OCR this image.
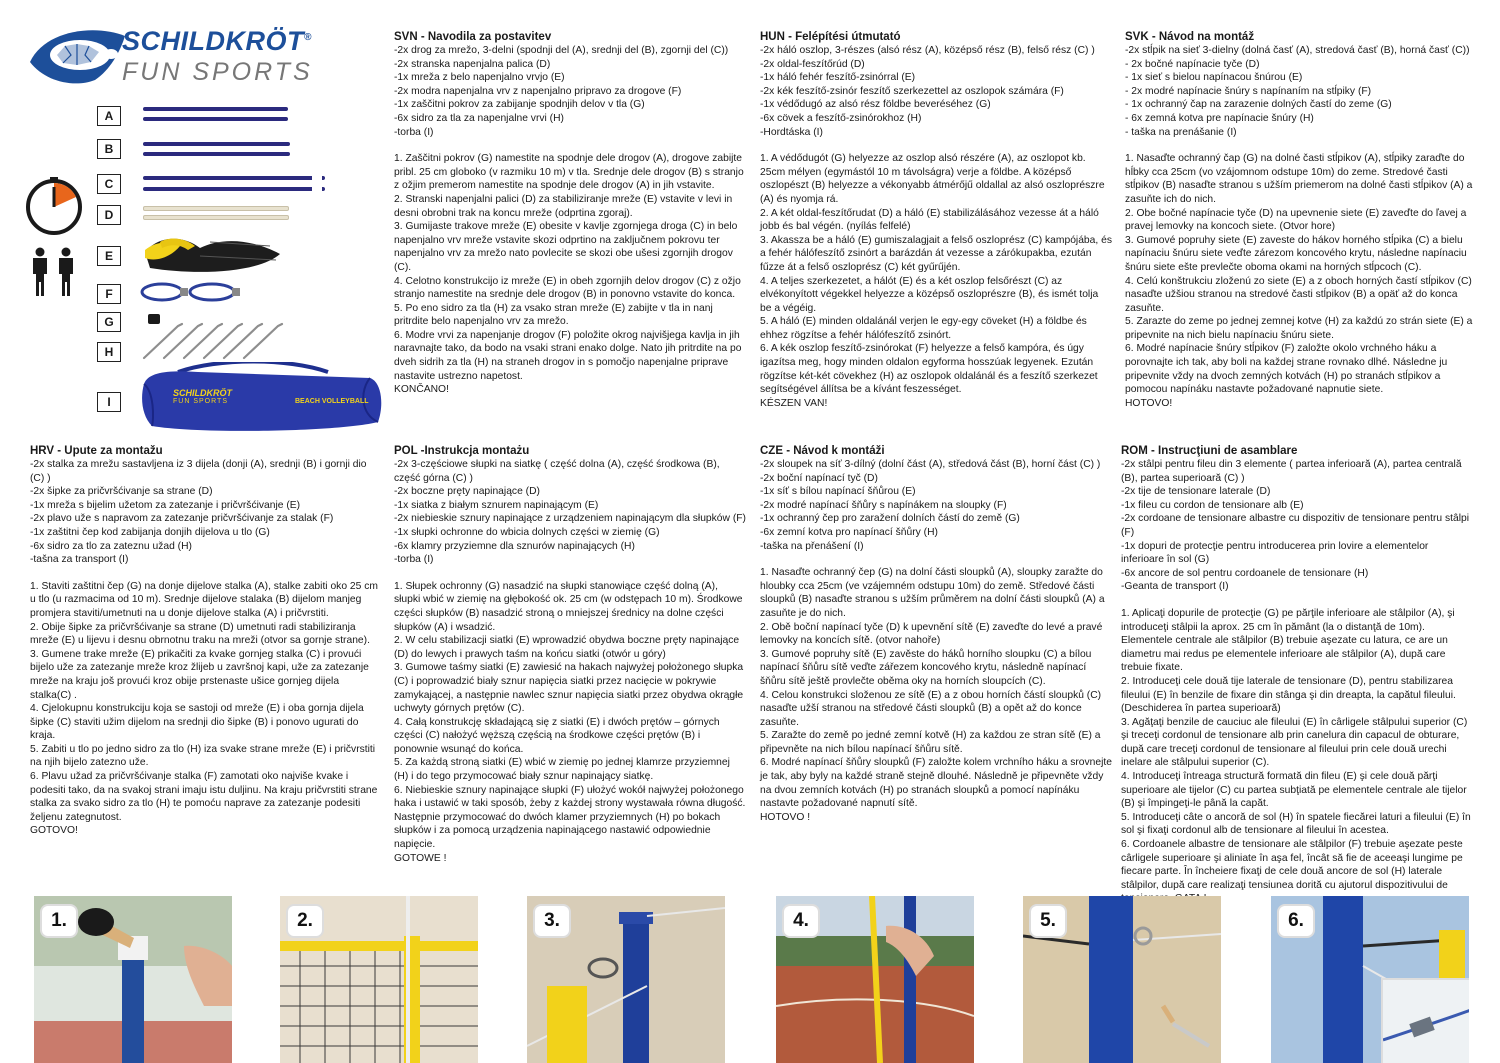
SCHILDKRÖT®
FUN SPORTS
A
B
C
D
E
F
G
H
I
SCHILDKRÖT
FUN SPORTS	BEACH VOLLEYBALL
SVN - Navodila za postavitev

-2x drog za mrežo, 3-delni (spodnji del (A), srednji del (B), zgornji del (C))
-2x stranska napenjalna palica (D)
-1x mreža z belo napenjalno vrvjo (E)
-2x modra napenjalna vrv z napenjalno pripravo za drogove (F)
-1x zaščitni pokrov za zabijanje spodnjih delov v tla (G)
-6x sidro za tla za napenjalne vrvi (H)
-torba (I)

1. Zaščitni pokrov (G) namestite na spodnje dele drogov (A), drogove zabijte pribl. 25 cm globoko (v razmiku 10 m) v tla. Srednje dele drogov (B) s stranjo z ožjim premerom namestite na spodnje dele drogov (A) in jih vstavite.
2. Stranski napenjalni palici (D) za stabiliziranje mreže (E) vstavite v levi in desni obrobni trak na koncu mreže (odprtina zgoraj).
3. Gumijaste trakove mreže (E) obesite v kavlje zgornjega droga (C) in belo napenjalno vrv mreže vstavite skozi odprtino na zaključnem pokrovu ter napenjalno vrv za mrežo nato povlecite se skozi obe ušesi zgornjih drogov (C).
4. Celotno konstrukcijo iz mreže (E) in obeh zgornjih delov drogov (C) z ožjo stranjo namestite na srednje dele drogov (B) in ponovno vstavite do konca.
5. Po eno sidro za tla (H) za vsako stran mreže (E) zabijte v tla in nanj pritrdite belo napenjalno vrv za mrežo.
6. Modre vrvi za napenjanje drogov (F) položite okrog najvišjega kavlja in jih naravnajte tako, da bodo na vsaki strani enako dolge. Nato jih pritrdite na po dveh sidrih za tla (H) na straneh drogov in s pomočjo napenjalne priprave nastavite ustrezno napetost.
KONČANO!

HUN - Felépítési útmutató

-2x háló oszlop, 3-részes (alsó rész (A), középső rész (B), felső rész (C) )
-2x oldal-feszítőrúd (D)
-1x háló fehér feszítő-zsinórral (E)
-2x kék feszítő-zsinór feszítő szerkezettel az oszlopok számára (F)
-1x védődugó az alsó rész földbe beveréséhez (G)
-6x cövek a feszítő-zsinórokhoz (H)
-Hordtáska (I)

1. A védődugót (G) helyezze az oszlop alsó részére (A), az oszlopot kb. 25cm mélyen (egymástól 10 m távolságra) verje a földbe. A középső oszlopészt (B) helyezze a vékonyabb átmérőjű oldallal az alsó oszloprészre (A) és nyomja rá.
2. A két oldal-feszítőrudat (D) a háló (E) stabilizálásához vezesse át a háló jobb és bal végén. (nyílás felfelé)
3. Akassza be a háló (E) gumiszalagjait a felső oszloprész (C) kampójába, és a fehér hálófeszítő zsinórt a barázdán át vezesse a zárókupakba, ezután fűzze át a felső oszloprész (C) két gyűrűjén.
4. A teljes szerkezetet, a hálót (E) és a két oszlop felsőrészt (C) az elvékonyított végekkel helyezze a középső oszloprészre (B), és ismét tolja be a végéig.
5. A háló (E) minden oldalánál verjen le egy-egy cöveket (H) a földbe és ehhez rögzítse a fehér hálófeszítő zsinórt.
6. A kék oszlop feszítő-zsinórokat (F) helyezze a felső kampóra, és úgy igazítsa meg, hogy minden oldalon egyforma hosszúak legyenek. Ezután rögzítse két-két cövekhez (H) az oszlopok oldalánál és a feszítő szerkezet segítségével állítsa be a kívánt feszességet.
KÉSZEN VAN!

SVK - Návod na montáž

-2x stĺpik na sieť 3-dielny (dolná časť (A), stredová časť (B), horná časť (C))
- 2x bočné napínacie tyče (D)
- 1x sieť s bielou napínacou šnúrou (E)
- 2x modré napínacie šnúry s napínaním na stĺpiky (F)
- 1x ochranný čap na zarazenie dolných častí do zeme (G)
- 6x zemná kotva pre napínacie šnúry (H)
- taška na prenášanie (I)

1. Nasaďte ochranný čap (G) na dolné časti stĺpikov (A), stĺpiky zaraďte do hĺbky cca 25cm (vo vzájomnom odstupe 10m) do zeme. Stredové časti stĺpikov (B) nasaďte stranou s užším priemerom na dolné časti stĺpikov (A) a zasuňte ich do nich.
2. Obe bočné napínacie tyče (D) na upevnenie siete (E) zaveďte do ľavej a pravej lemovky na koncoch siete. (Otvor hore)
3. Gumové popruhy siete (E) zaveste do hákov horného stĺpika (C) a bielu napínaciu šnúru siete veďte zárezom koncového krytu, následne napínaciu šnúru siete ešte prevlečte oboma okami na horných stĺpcoch (C).
4. Celú konštrukciu zloženú zo siete (E) a z oboch horných častí stĺpikov (C) nasaďte užšiou stranou na stredové časti stĺpikov (B) a opäť až do konca zasuňte.
5. Zarazte do zeme po jednej zemnej kotve (H) za každú zo strán siete (E) a pripevnite na nich bielu napínaciu šnúru siete.
6. Modré napínacie šnúry stĺpikov (F) založte okolo vrchného háku a porovnajte ich tak, aby boli na každej strane rovnako dlhé. Následne ju pripevnite vždy na dvoch zemných kotvách (H) po stranách stĺpikov a pomocou napínáku nastavte požadované napnutie siete.
HOTOVO!

HRV - Upute za montažu

-2x stalka za mrežu sastavljena iz 3 dijela (donji (A), srednji (B) i gornji dio (C) )
-2x šipke za pričvršćivanje sa strane (D)
-1x mreža s bijelim užetom za zatezanje i pričvršćivanje (E)
-2x plavo uže s napravom za zatezanje pričvršćivanje za stalak (F)
-1x zaštitni čep kod zabijanja donjih dijelova u tlo (G)
-6x sidro za tlo za zateznu užad (H)
-tašna za transport (I)

1. Staviti zaštitni čep (G) na donje dijelove stalka (A), stalke zabiti oko 25 cm u tlo (u razmacima od 10 m). Srednje dijelove stalaka (B) dijelom manjeg promjera staviti/umetnuti na u donje dijelove stalka (A) i pričvrstiti.
2. Obije šipke za pričvršćivanje sa strane (D) umetnuti radi stabiliziranja mreže (E) u lijevu i desnu obrnotnu traku na mreži (otvor sa gornje strane).
3. Gumene trake mreže (E) prikačiti za kvake gornjeg stalka (C) i provući bijelo uže za zatezanje mreže kroz žlijeb u završnoj kapi, uže za zatezanje mreže na kraju još provući kroz obije prstenaste ušice gornjeg dijela stalka(C) .
4. Cjelokupnu konstrukciju koja se sastoji od mreže (E) i oba gornja dijela šipke (C) staviti užim dijelom na srednji dio šipke (B) i ponovo ugurati do kraja.
5. Zabiti u tlo po jedno sidro za tlo (H) iza svake strane mreže (E) i pričvrstiti na njih bijelo zatezno uže.
6. Plavu užad za pričvršćivanje stalka (F) zamotati oko najviše kvake i podesiti tako, da na svakoj strani imaju istu duljinu. Na kraju pričvrstiti strane stalka za svako sidro za tlo (H) te pomoću naprave za zatezanje podesiti željenu zategnutost.
GOTOVO!

POL -Instrukcja montażu

-2x 3-częściowe słupki na siatkę ( część dolna (A), część środkowa (B), część górna (C) )
-2x boczne pręty napinające (D)
-1x siatka z białym sznurem napinającym (E)
-2x niebieskie sznury napinające z urządzeniem napinającym dla słupków (F)
-1x słupki ochronne do wbicia dolnych części w ziemię (G)
-6x klamry przyziemne dla sznurów napinających (H)
-torba (I)

1. Słupek ochronny (G) nasadzić na słupki stanowiące część dolną (A), słupki wbić w ziemię na głębokość ok. 25 cm (w odstępach 10 m). Środkowe części słupków (B) nasadzić stroną o mniejszej średnicy na dolne części słupków (A) i wsadzić.
2. W celu stabilizacji siatki (E) wprowadzić obydwa boczne pręty napinające (D) do lewych i prawych taśm na końcu siatki (otwór u góry)
3. Gumowe taśmy siatki (E) zawiesić na hakach najwyżej położonego słupka (C) i poprowadzić biały sznur napięcia siatki przez nacięcie w pokrywie zamykającej, a następnie nawlec sznur napięcia siatki przez obydwa okrągłe uchwyty górnych prętów (C).
4. Całą konstrukcję składającą się z siatki (E) i dwóch prętów – górnych części (C) nałożyć węższą częścią na środkowe części prętów (B) i ponownie wsunąć do końca.
5. Za każdą stroną siatki (E) wbić w ziemię po jednej klamrze przyziemnej (H) i do tego przymocować biały sznur napinający siatkę.
6. Niebieskie sznury napinające słupki (F) ułożyć wokół najwyżej położonego haka i ustawić w taki sposób, żeby z każdej strony wystawała równa długość. Następnie przymocować do dwóch klamer przyziemnych (H) po bokach słupków i za pomocą urządzenia napinającego nastawić odpowiednie napięcie.
GOTOWE !

CZE - Návod k montáži

-2x sloupek na síť 3-dílný (dolní část (A), středová část (B), horní část (C) )
-2x boční napínací tyč (D)
-1x síť s bílou napínací šňůrou (E)
-2x modré napínací šňůry s napínákem na sloupky (F)
-1x ochranný čep pro zaražení dolních částí do země (G)
-6x zemní kotva pro napínací šňůry (H)
-taška na přenášení (I)

1. Nasaďte ochranný čep (G) na dolní části sloupků (A), sloupky zaražte do hloubky cca 25cm (ve vzájemném odstupu 10m) do země. Středové části sloupků (B) nasaďte stranou s užším průměrem na dolní části sloupků (A) a zasuňte je do nich.
2. Obě boční napínací tyče (D) k upevnění sítě (E) zaveďte do levé a pravé lemovky na koncích sítě. (otvor nahoře)
3. Gumové popruhy sítě (E) zavěste do háků horního sloupku (C) a bílou napínací šňůru sítě veďte zářezem koncového krytu, následně napínací šňůru sítě ještě provlečte oběma oky na horních sloupcích (C).
4. Celou konstrukci složenou ze sítě (E) a z obou horních částí sloupků (C) nasaďte užší stranou na středové části sloupků (B) a opět až do konce zasuňte.
5. Zaražte do země po jedné zemní kotvě (H) za každou ze stran sítě (E) a připevněte na nich bílou napínací šňůru sítě.
6. Modré napínací šňůry sloupků (F) založte kolem vrchního háku a srovnejte je tak, aby byly na každé straně stejně dlouhé. Následně je připevněte vždy na dvou zemních kotvách (H) po stranách sloupků a pomocí napínáku nastavte požadované napnutí sítě.
HOTOVO !

ROM - Instrucţiuni de asamblare

-2x stâlpi pentru fileu din 3 elemente ( partea inferioară (A), partea centrală (B), partea superioară (C) )
-2x tije de tensionare laterale (D)
-1x fileu cu cordon de tensionare alb (E)
-2x cordoane de tensionare albastre cu dispozitiv de tensionare pentru stâlpi (F)
-1x dopuri de protecţie pentru introducerea prin lovire a elementelor inferioare în sol (G)
-6x ancore de sol pentru cordoanele de tensionare (H)
-Geanta de transport (I)

1. Aplicaţi dopurile de protecţie (G) pe părţile inferioare ale stâlpilor (A), şi introduceţi stâlpii la aprox. 25 cm în pământ (la o distanţă de 10m). Elementele centrale ale stâlpilor (B) trebuie aşezate cu latura, ce are un diametru mai redus pe elementele inferioare ale stâlpilor (A), după care trebuie fixate.
2. Introduceţi cele două tije laterale de tensionare (D), pentru stabilizarea fileului (E) în benzile de fixare din stânga şi din dreapta, la capătul fileului. (Deschiderea în partea superioară)
3. Agăţaţi benzile de cauciuc ale fileului (E) în cârligele stâlpului superior (C) şi treceţi cordonul de tensionare alb prin canelura din capacul de obturare, după care treceţi cordonul de tensionare al fileului prin cele două urechi inelare ale stâlpului superior (C).
4. Introduceţi întreaga structură formată din fileu (E) şi cele două părţi superioare ale tijelor (C) cu partea subţiată pe elementele centrale ale tijelor (B) şi împingeţi-le până la capăt.
5. Introduceţi câte o ancoră de sol (H) în spatele fiecărei laturi a fileului (E) în sol şi fixaţi cordonul alb de tensionare al fileului în acestea.
6. Cordoanele albastre de tensionare ale stâlpilor (F) trebuie aşezate peste cârligele superioare şi aliniate în aşa fel, încât să fie de aceeaşi lungime pe fiecare parte. În încheiere fixaţi de cele două ancore de sol (H) laterale stâlpilor, după care realizaţi tensiunea dorită cu ajutorul dispozitivului de

1.	2.	3.	4.	5.	6.
